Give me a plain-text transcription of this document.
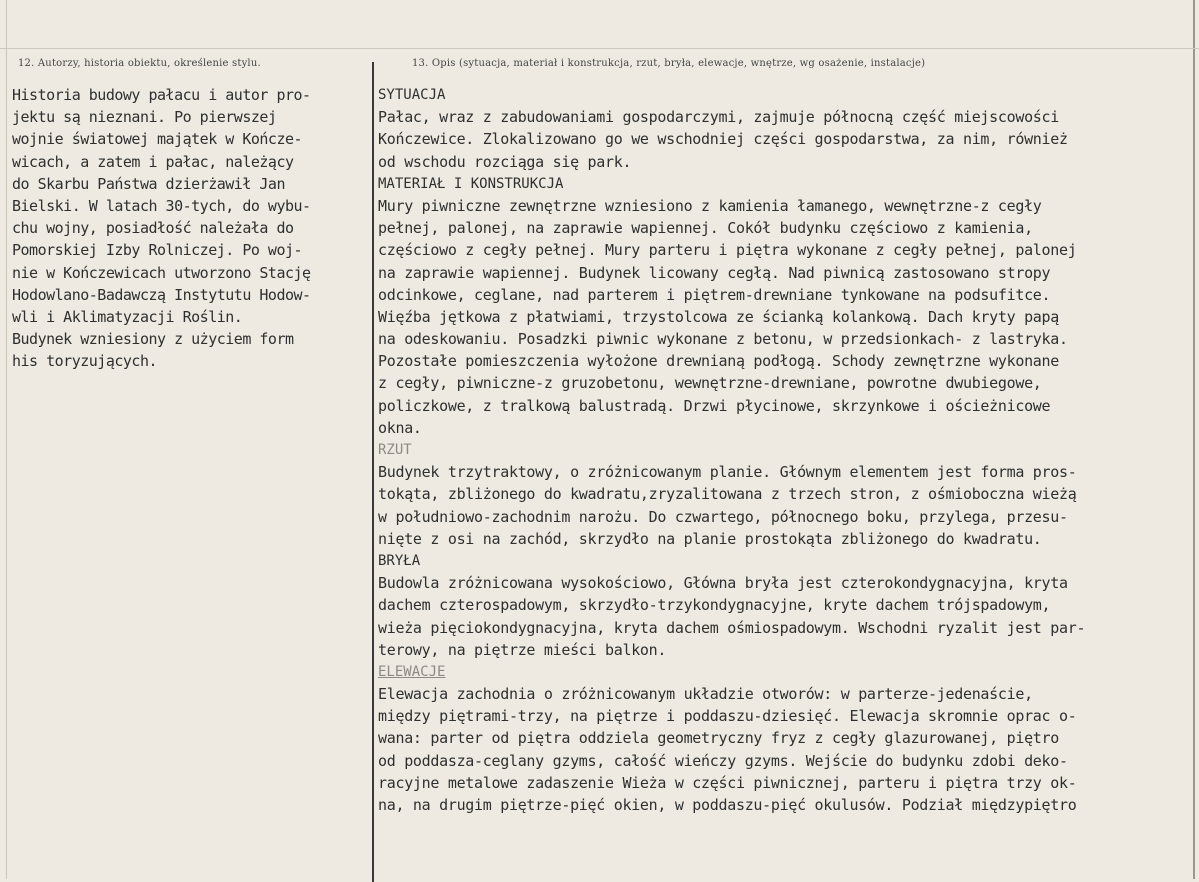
12. Autorzy, historia obiektu, określenie stylu.	13. Opis (sytuacja, materiał i konstrukcja, rzut, bryła, elewacje, wnętrze, wg osażenie, instalacje)
Historia budowy pałacu i autor pro-
jektu są nieznani. Po pierwszej
wojnie światowej majątek w Kończe-
wicach, a zatem i pałac, należący
do Skarbu Państwa dzierżawił Jan
Bielski. W latach 30-tych, do wybu-
chu wojny, posiadłość należała do
Pomorskiej Izby Rolniczej. Po woj-
nie w Kończewicach utworzono Stację
Hodowlano-Badawczą Instytutu Hodow-
wli i Aklimatyzacji Roślin.
Budynek wzniesiony z użyciem form
his toryzujących.
SYTUACJA
Pałac, wraz z zabudowaniami gospodarczymi, zajmuje północną część miejscowości
Kończewice. Zlokalizowano go we wschodniej części gospodarstwa, za nim, również
od wschodu rozciąga się park.
MATERIAŁ I KONSTRUKCJA
Mury piwniczne zewnętrzne wzniesiono z kamienia łamanego, wewnętrzne-z cegły
pełnej, palonej, na zaprawie wapiennej. Cokół budynku częściowo z kamienia,
częściowo z cegły pełnej. Mury parteru i piętra wykonane z cegły pełnej, palonej
na zaprawie wapiennej. Budynek licowany cegłą. Nad piwnicą zastosowano stropy
odcinkowe, ceglane, nad parterem i piętrem-drewniane tynkowane na podsufitce.
Więźba jętkowa z płatwiami, trzystolcowa ze ścianką kolankową. Dach kryty papą
na odeskowaniu. Posadzki piwnic wykonane z betonu, w przedsionkach- z lastryka.
Pozostałe pomieszczenia wyłożone drewnianą podłogą. Schody zewnętrzne wykonane
z cegły, piwniczne-z gruzobetonu, wewnętrzne-drewniane, powrotne dwubiegowe,
policzkowe, z tralkową balustradą. Drzwi płycinowe, skrzynkowe i ościeżnicowe
okna.
RZUT
Budynek trzytraktowy, o zróżnicowanym planie. Głównym elementem jest forma pros-
tokąta, zbliżonego do kwadratu,zryzalitowana z trzech stron, z ośmioboczna wieżą
w południowo-zachodnim narożu. Do czwartego, północnego boku, przylega, przesu-
nięte z osi na zachód, skrzydło na planie prostokąta zbliżonego do kwadratu.
BRYŁA
Budowla zróżnicowana wysokościowo, Główna bryła jest czterokondygnacyjna, kryta
dachem czterospadowym, skrzydło-trzykondygnacyjne, kryte dachem trójspadowym,
wieża pięciokondygnacyjna, kryta dachem ośmiospadowym. Wschodni ryzalit jest par-
terowy, na piętrze mieści balkon.
ELEWACJE
Elewacja zachodnia o zróżnicowanym układzie otworów: w parterze-jedenaście,
między piętrami-trzy, na piętrze i poddaszu-dziesięć. Elewacja skromnie oprac o-
wana: parter od piętra oddziela geometryczny fryz z cegły glazurowanej, piętro
od poddasza-ceglany gzyms, całość wieńczy gzyms. Wejście do budynku zdobi deko-
racyjne metalowe zadaszenie Wieża w części piwnicznej, parteru i piętra trzy ok-
na, na drugim piętrze-pięć okien, w poddaszu-pięć okulusów. Podział międzypiętro
